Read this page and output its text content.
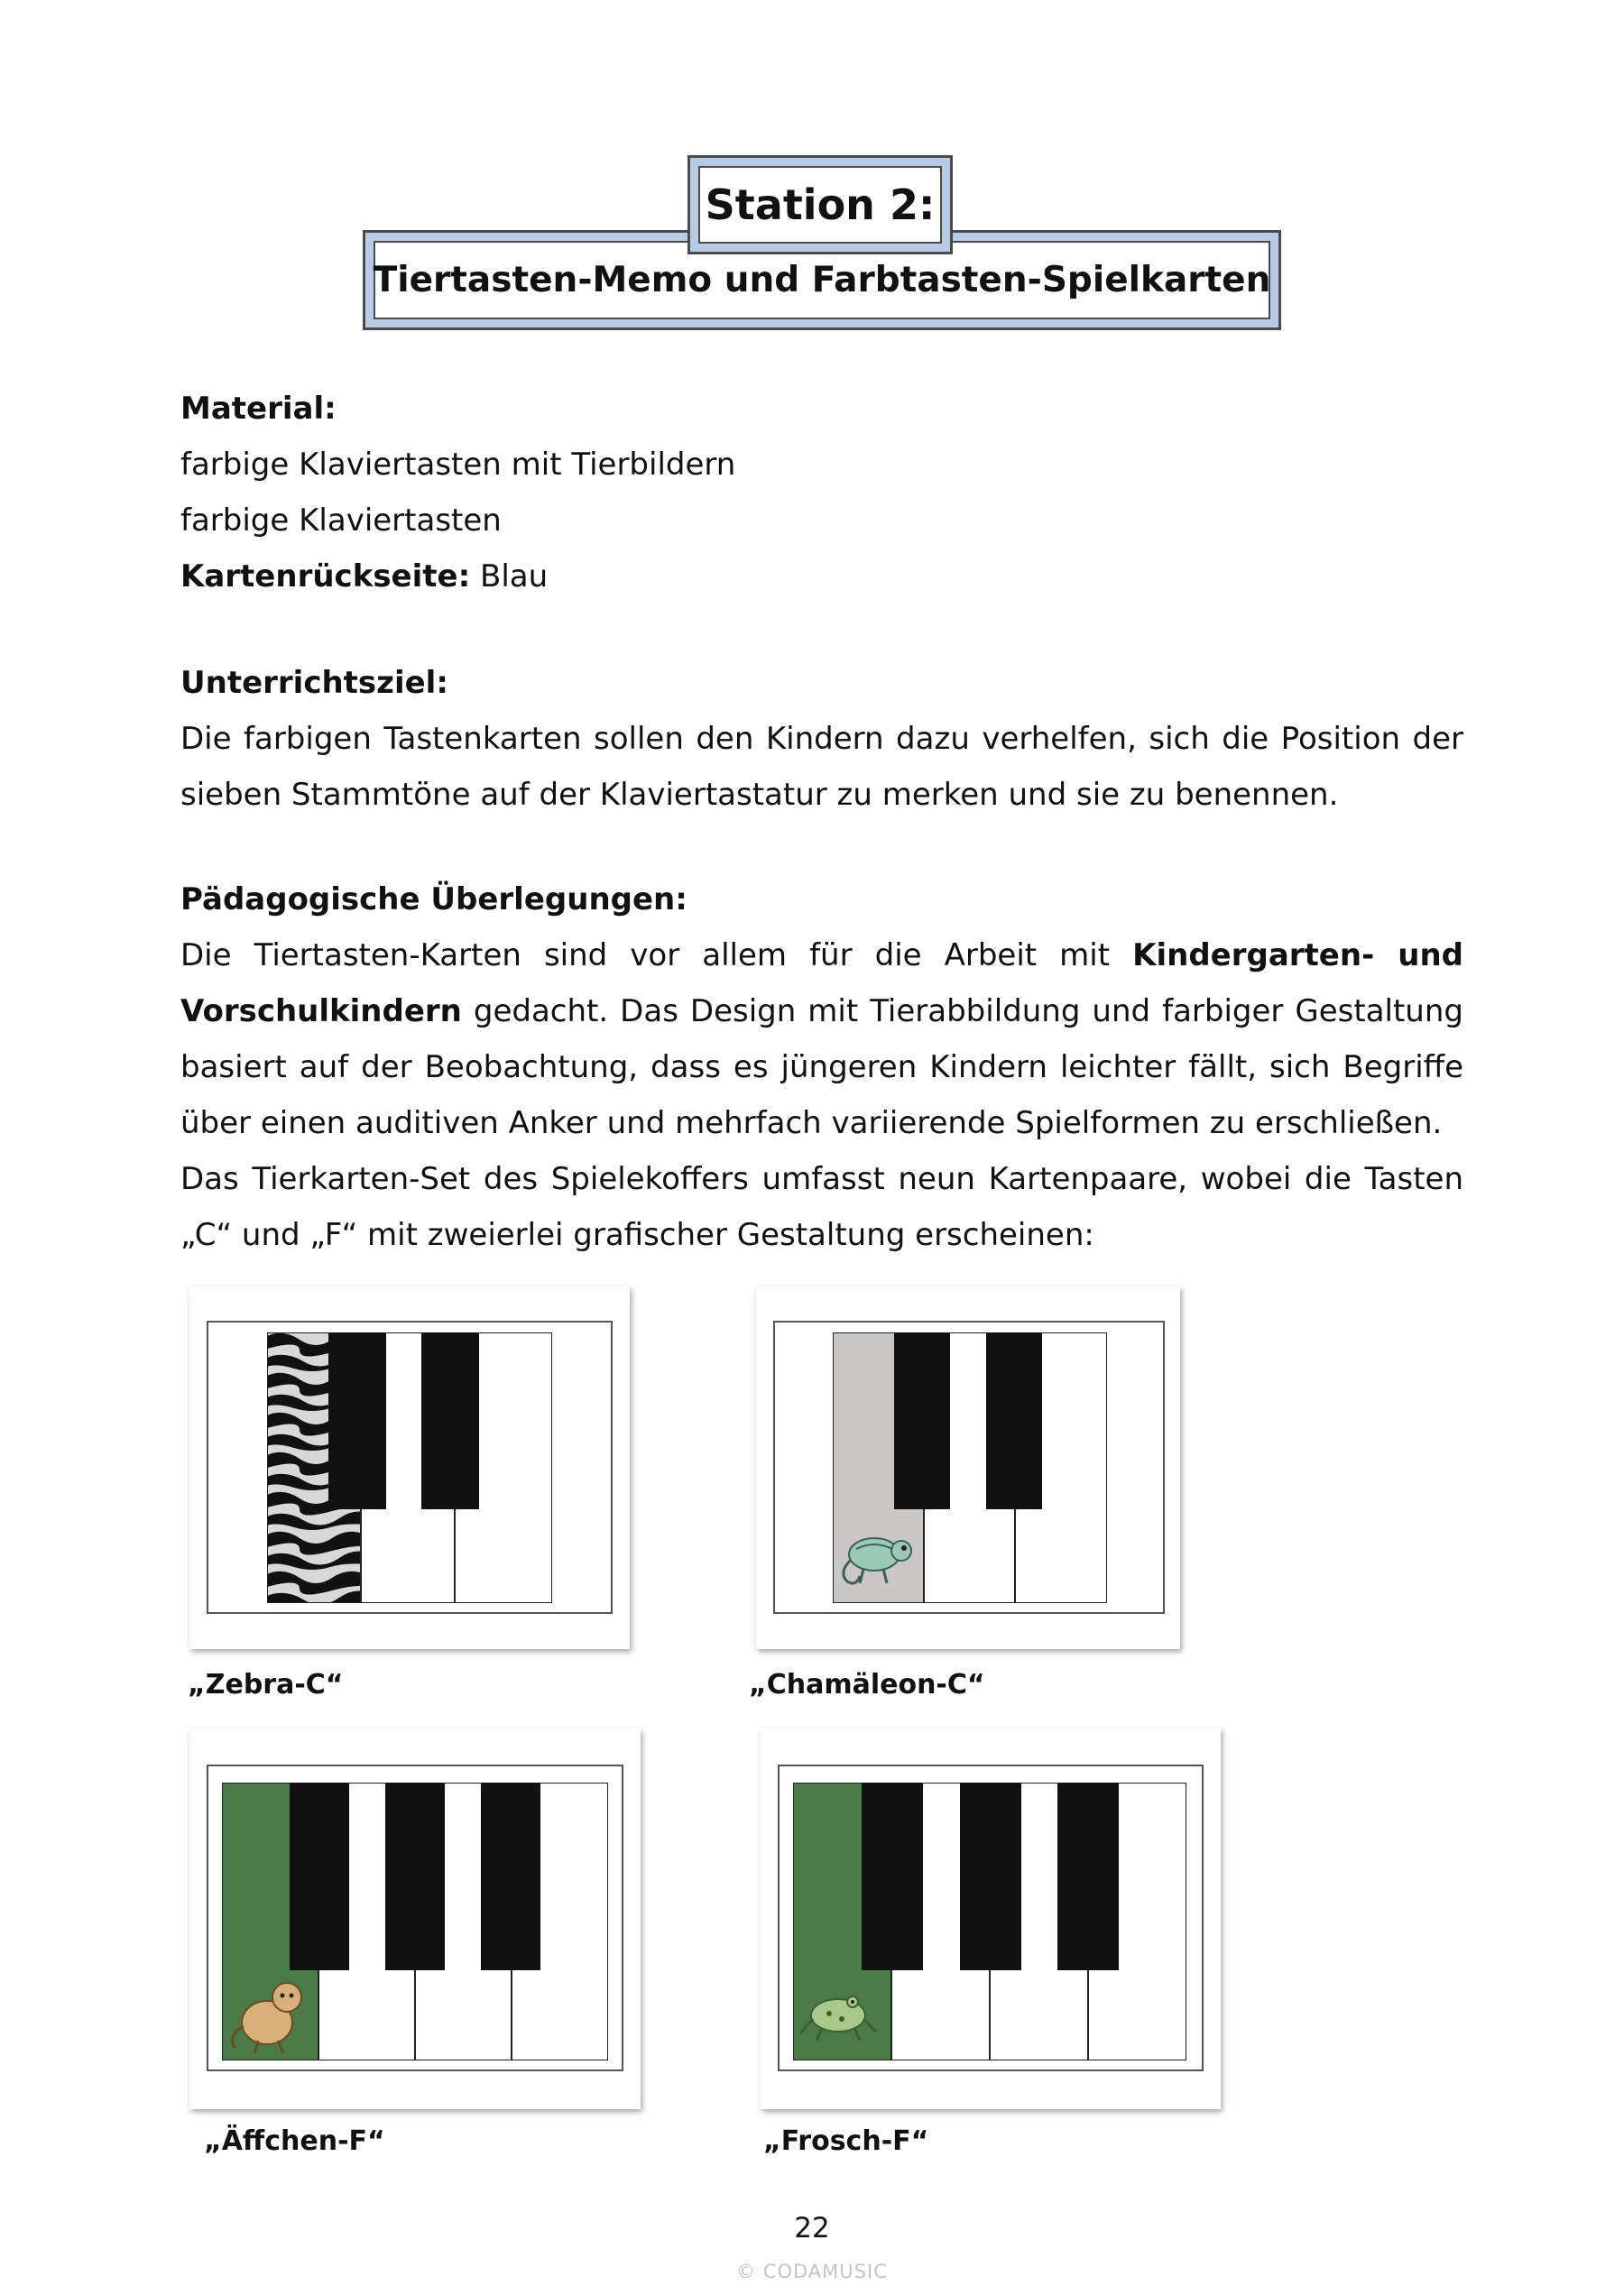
Station 2:
Tiertasten-Memo und Farbtasten-Spielkarten
Material:
farbige Klaviertasten mit Tierbildern
farbige Klaviertasten
Kartenrückseite: Blau
Unterrichtsziel:
Die farbigen Tastenkarten sollen den Kindern dazu verhelfen, sich die Position der
sieben Stammtöne auf der Klaviertastatur zu merken und sie zu benennen.
Pädagogische Überlegungen:
Die Tiertasten-Karten sind vor allem für die Arbeit mit Kindergarten- und
Vorschulkindern gedacht. Das Design mit Tierabbildung und farbiger Gestaltung
basiert auf der Beobachtung, dass es jüngeren Kindern leichter fällt, sich Begriffe
über einen auditiven Anker und mehrfach variierende Spielformen zu erschließen.
Das Tierkarten-Set des Spielekoffers umfasst neun Kartenpaare, wobei die Tasten
„C“ und „F“ mit zweierlei grafischer Gestaltung erscheinen:
„Zebra-C“	„Chamäleon-C“
„Äffchen-F“	„Frosch-F“
22
© CODAMUSIC
